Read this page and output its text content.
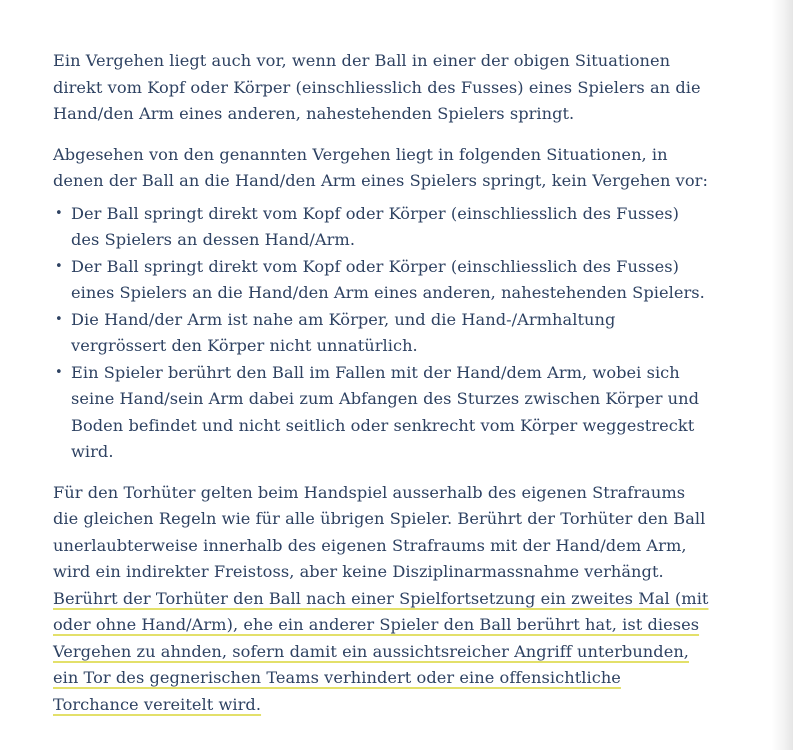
Ein Vergehen liegt auch vor, wenn der Ball in einer der obigen Situationen
direkt vom Kopf oder Körper (einschliesslich des Fusses) eines Spielers an die
Hand/den Arm eines anderen, nahestehenden Spielers springt.

Abgesehen von den genannten Vergehen liegt in folgenden Situationen, in
denen der Ball an die Hand/den Arm eines Spielers springt, kein Vergehen vor:

• Der Ball springt direkt vom Kopf oder Körper (einschliesslich des Fusses)
des Spielers an dessen Hand/Arm.
• Der Ball springt direkt vom Kopf oder Körper (einschliesslich des Fusses)
eines Spielers an die Hand/den Arm eines anderen, nahestehenden Spielers.
• Die Hand/der Arm ist nahe am Körper, und die Hand-/Armhaltung
vergrössert den Körper nicht unnatürlich.
• Ein Spieler berührt den Ball im Fallen mit der Hand/dem Arm, wobei sich
seine Hand/sein Arm dabei zum Abfangen des Sturzes zwischen Körper und
Boden befindet und nicht seitlich oder senkrecht vom Körper weggestreckt
wird.

Für den Torhüter gelten beim Handspiel ausserhalb des eigenen Strafraums
die gleichen Regeln wie für alle übrigen Spieler. Berührt der Torhüter den Ball
unerlaubterweise innerhalb des eigenen Strafraums mit der Hand/dem Arm,
wird ein indirekter Freistoss, aber keine Disziplinarmassnahme verhängt.
Berührt der Torhüter den Ball nach einer Spielfortsetzung ein zweites Mal (mit
oder ohne Hand/Arm), ehe ein anderer Spieler den Ball berührt hat, ist dieses
Vergehen zu ahnden, sofern damit ein aussichtsreicher Angriff unterbunden,
ein Tor des gegnerischen Teams verhindert oder eine offensichtliche
Torchance vereitelt wird.
